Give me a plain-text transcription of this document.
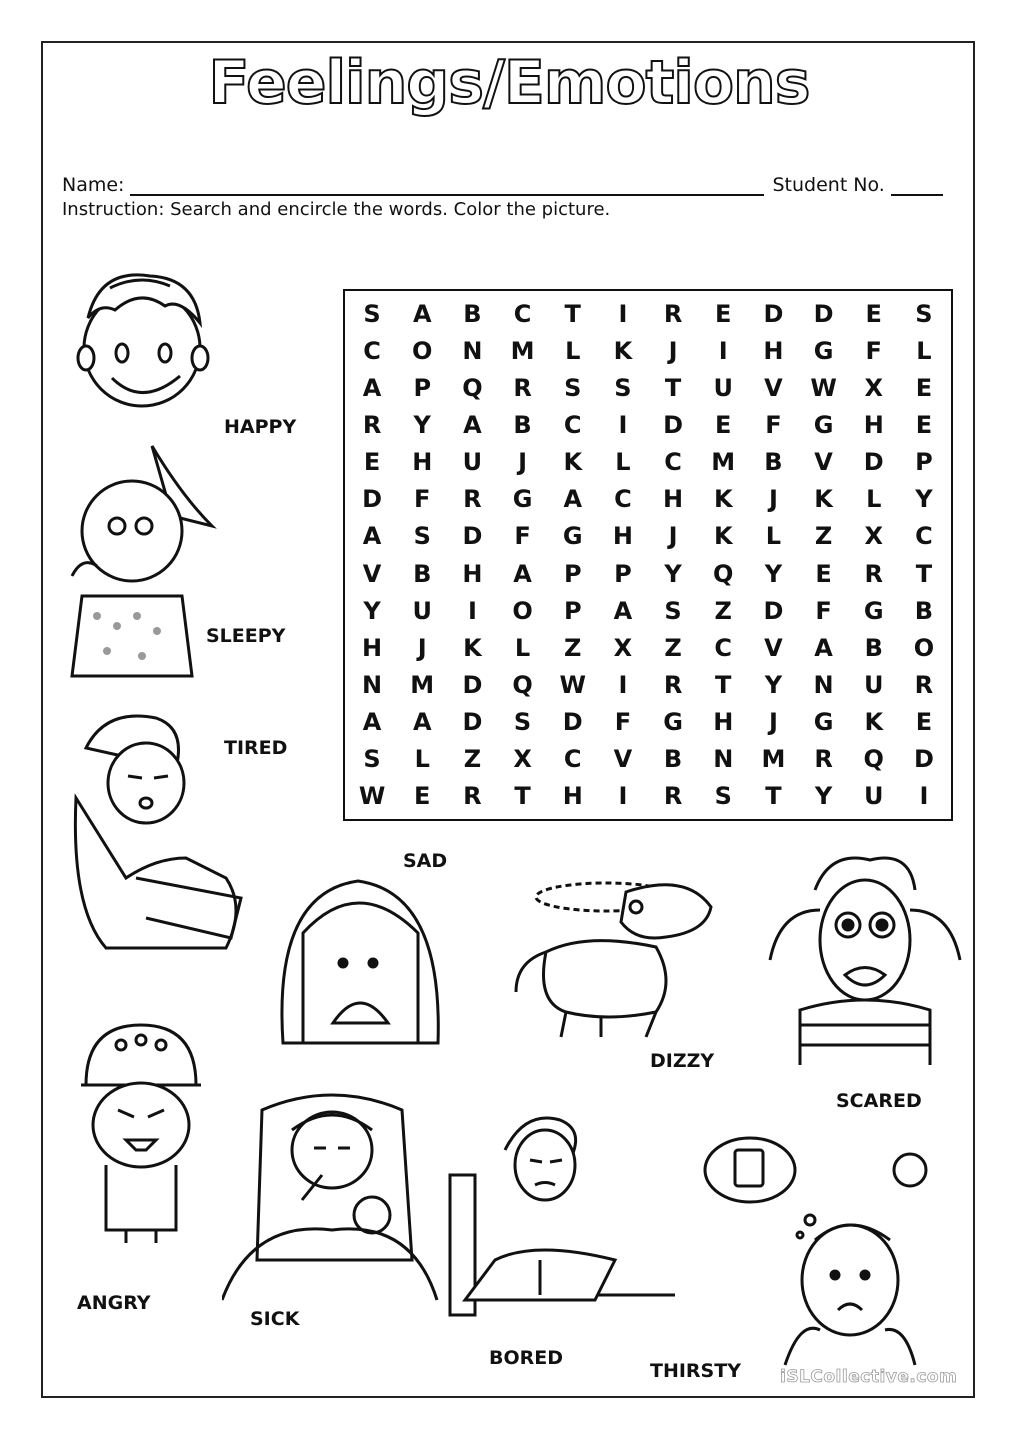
Feelings/Emotions
Name:	Student No.
Instruction: Search and encircle the words. Color the picture.
S	A	B	C	T	I	R	E	D	D	E	S
C	O	N	M	L	K	J	I	H	G	F	L
A	P	Q	R	S	S	T	U	V	W	X	E
R	Y	A	B	C	I	D	E	F	G	H	E
E	H	U	J	K	L	C	M	B	V	D	P
D	F	R	G	A	C	H	K	J	K	L	Y
A	S	D	F	G	H	J	K	L	Z	X	C
V	B	H	A	P	P	Y	Q	Y	E	R	T
Y	U	I	O	P	A	S	Z	D	F	G	B
H	J	K	L	Z	X	Z	C	V	A	B	O
N	M	D	Q	W	I	R	T	Y	N	U	R
A	A	D	S	D	F	G	H	J	G	K	E
S	L	Z	X	C	V	B	N	M	R	Q	D
W	E	R	T	H	I	R	S	T	Y	U	I
HAPPY
SLEEPY
TIRED
SAD
DIZZY
SCARED
ANGRY
SICK
BORED
THIRSTY iSLCollective.com
